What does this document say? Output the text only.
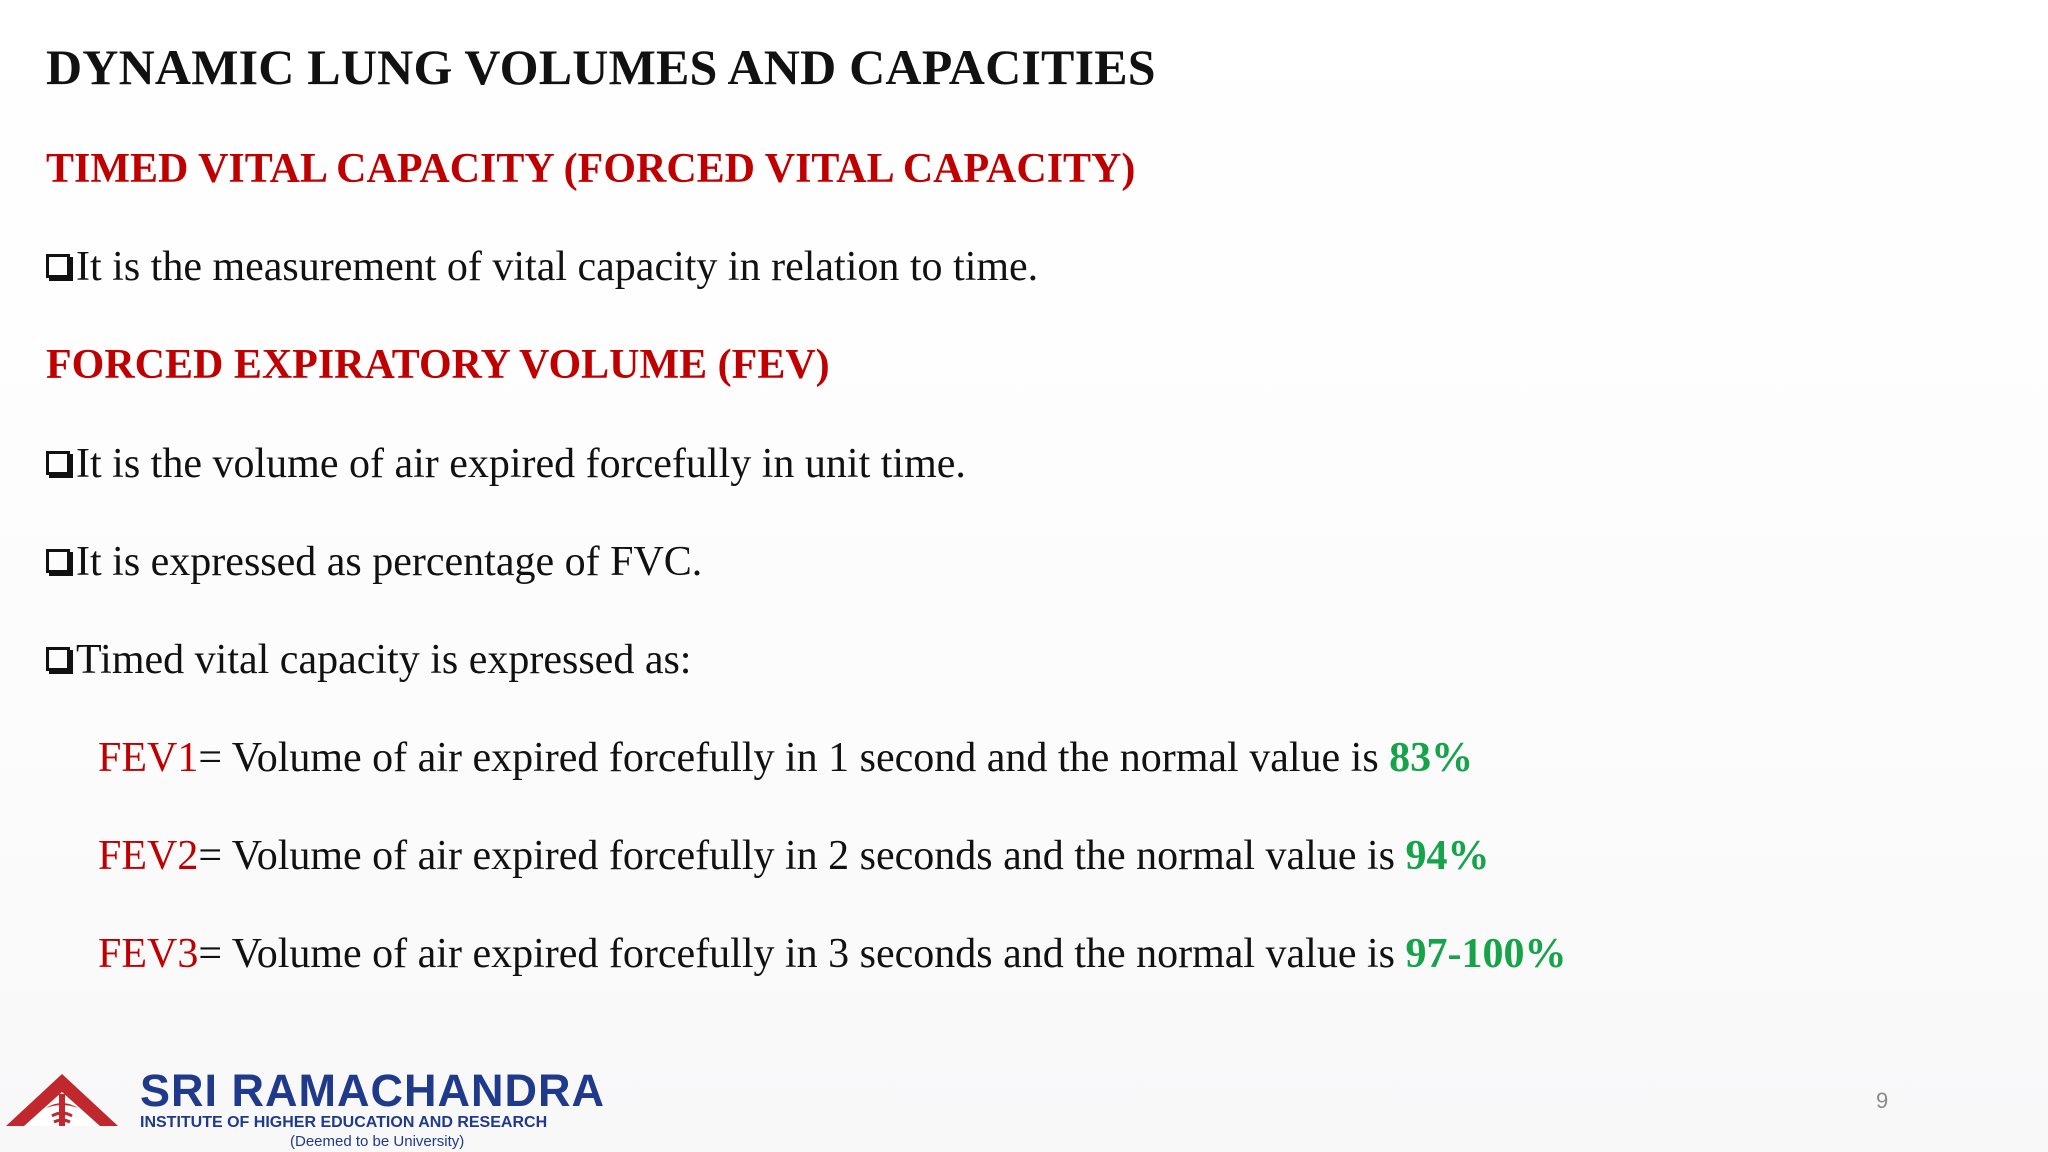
DYNAMIC LUNG VOLUMES AND CAPACITIES

TIMED VITAL CAPACITY (FORCED VITAL CAPACITY)

It is the measurement of vital capacity in relation to time.

FORCED EXPIRATORY VOLUME (FEV)

It is the volume of air expired forcefully in unit time.

It is expressed as percentage of FVC.

Timed vital capacity is expressed as:

FEV1= Volume of air expired forcefully in 1 second and the normal value is 83%

FEV2= Volume of air expired forcefully in 2 seconds and the normal value is 94%

FEV3= Volume of air expired forcefully in 3 seconds and the normal value is 97-100%

SRI RAMACHANDRA
INSTITUTE OF HIGHER EDUCATION AND RESEARCH
(Deemed to be University)
9
